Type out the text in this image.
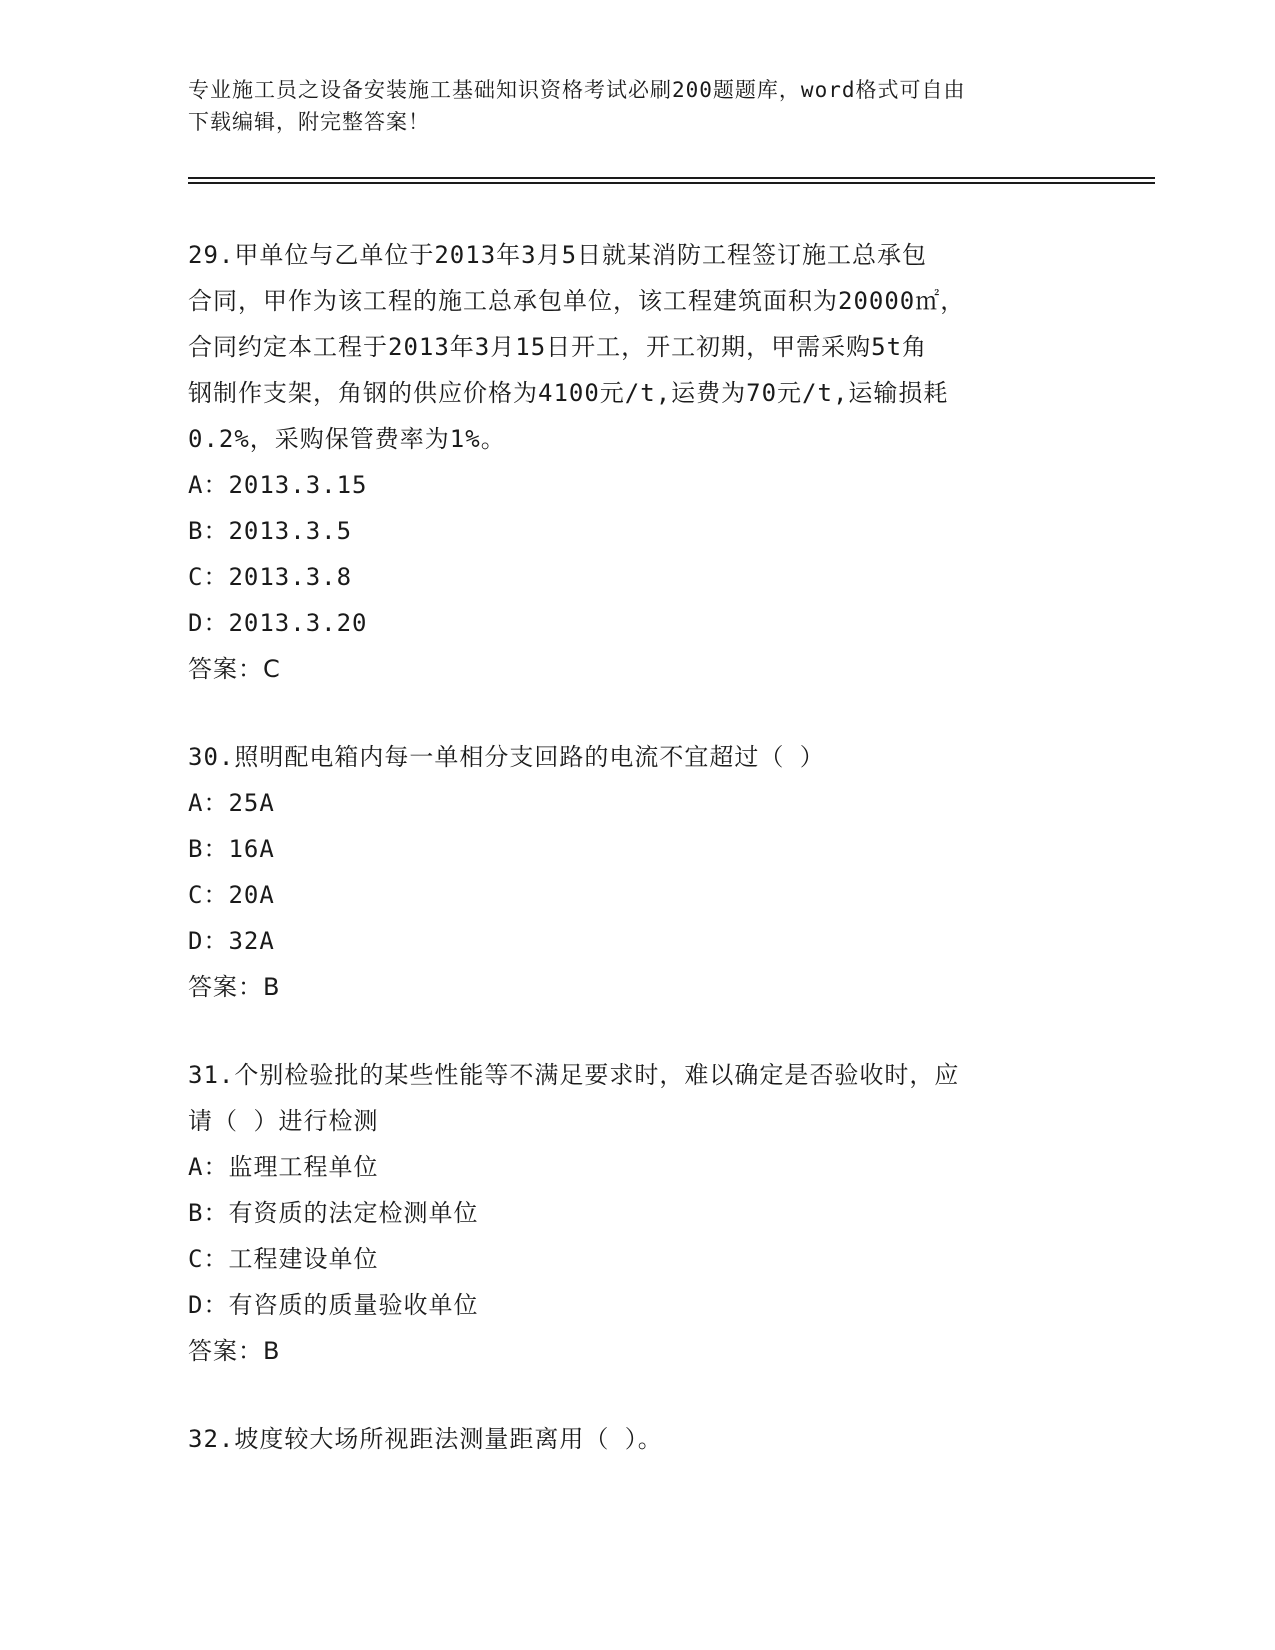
专业施工员之设备安装施工基础知识资格考试必刷200题题库，word格式可自由
下载编辑，附完整答案！
29.甲单位与乙单位于2013年3月5日就某消防工程签订施工总承包
合同，甲作为该工程的施工总承包单位，该工程建筑面积为20000㎡，
合同约定本工程于2013年3月15日开工，开工初期，甲需采购5t角
钢制作支架，角钢的供应价格为4100元/t,运费为70元/t,运输损耗
0.2%，采购保管费率为1%。
A：2013.3.15
B：2013.3.5
C：2013.3.8
D：2013.3.20
答案：C
30.照明配电箱内每一单相分支回路的电流不宜超过（ ）
A：25A
B：16A
C：20A
D：32A
答案：B
31.个别检验批的某些性能等不满足要求时，难以确定是否验收时，应
请（ ）进行检测
A：监理工程单位
B：有资质的法定检测单位
C：工程建设单位
D：有咨质的质量验收单位
答案：B
32.坡度较大场所视距法测量距离用（ ）。
